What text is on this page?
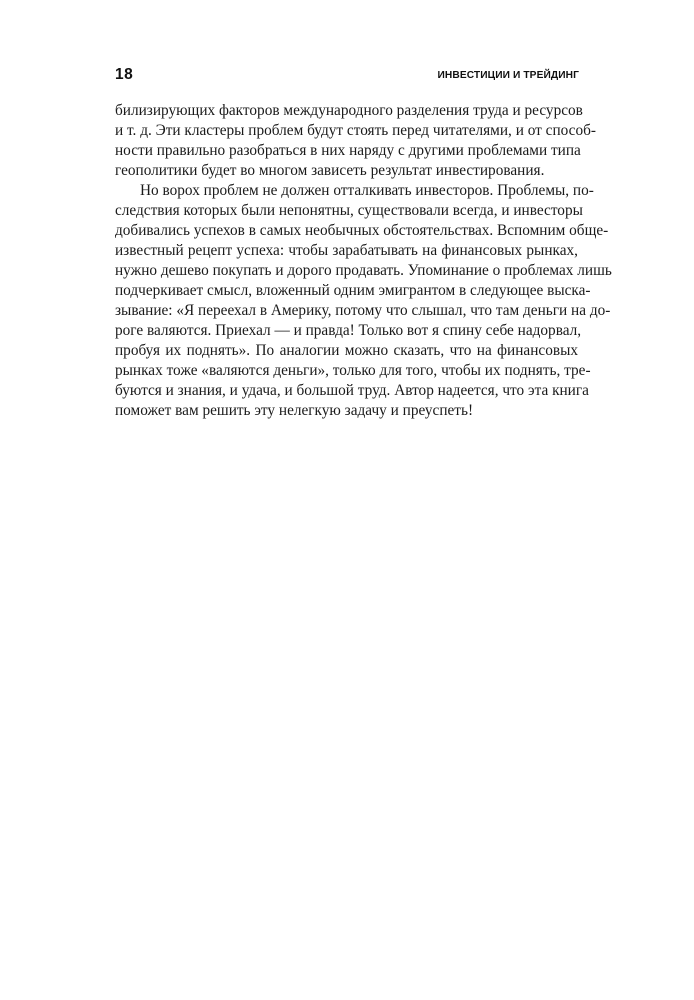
18	ИНВЕСТИЦИИ И ТРЕЙДИНГ
билизирующих факторов международного разделения труда и ресурсов
и т. д. Эти кластеры проблем будут стоять перед читателями, и от способ-
ности правильно разобраться в них наряду с другими проблемами типа
геополитики будет во многом зависеть результат инвестирования.
Но ворох проблем не должен отталкивать инвесторов. Проблемы, по-
следствия которых были непонятны, существовали всегда, и инвесторы
добивались успехов в самых необычных обстоятельствах. Вспомним обще-
известный рецепт успеха: чтобы зарабатывать на финансовых рынках,
нужно дешево покупать и дорого продавать. Упоминание о проблемах лишь
подчеркивает смысл, вложенный одним эмигрантом в следующее выска-
зывание: «Я переехал в Америку, потому что слышал, что там деньги на до-
роге валяются. Приехал — и правда! Только вот я спину себе надорвал,
пробуя их поднять». По аналогии можно сказать, что на финансовых
рынках тоже «валяются деньги», только для того, чтобы их поднять, тре-
буются и знания, и удача, и большой труд. Автор надеется, что эта книга
поможет вам решить эту нелегкую задачу и преуспеть!
